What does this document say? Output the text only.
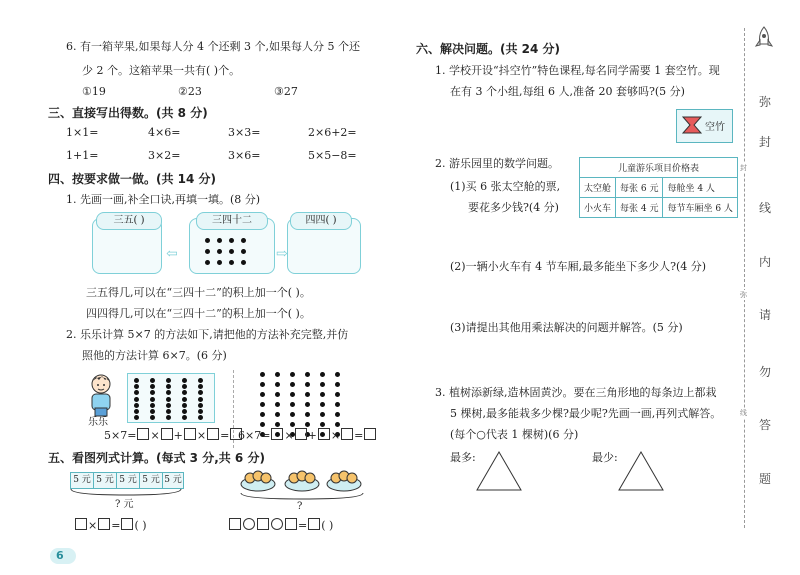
6. 有一箱苹果,如果每人分 4 个还剩 3 个,如果每人分 5 个还
少 2 个。这箱苹果一共有( )个。
①19	②23	③27
三、直接写出得数。(共 8 分)
1×1=	4×6=	3×3=	2×6+2=
1+1=	3×2=	3×6=	5×5−8=
四、按要求做一做。(共 14 分)
1. 先画一画,补全口诀,再填一填。(8 分)
三五( )	三四十二	四四( )
⇦	⇨
三五得几,可以在“三四十二”的积上加一个( )。
四四得几,可以在“三四十二”的积上加一个( )。
2. 乐乐计算 5×7 的方法如下,请把他的方法补充完整,并仿
照他的方法计算 6×7。(6 分)
乐乐
5×7= × + × = 6×7= × + × =
五、看图列式计算。(每式 3 分,共 6 分)
5 元 5 元 5 元 5 元 5 元
? 元
× = ( )
?
= ( )
6
六、解决问题。(共 24 分)
1. 学校开设“抖空竹”特色课程,每名同学需要 1 套空竹。现
在有 3 个小组,每组 6 人,准备 20 套够吗?(5 分)
空竹
2. 游乐园里的数学问题。
(1)买 6 张太空舱的票,
要花多少钱?(4 分)
儿童游乐项目价格表		
太空舱	每张 6 元	每舱坐 4 人
小火车	每张 4 元	每节车厢坐 6 人
(2)一辆小火车有 4 节车厢,最多能坐下多少人?(4 分)
(3)请提出其他用乘法解决的问题并解答。(5 分)
3. 植树添新绿,造林固黄沙。要在三角形地的每条边上都栽
5 棵树,最多能栽多少棵?最少呢?先画一画,再列式解答。
(每个○代表 1 棵树)(6 分)
最多:	最少:
弥
封
线
内
请
勿
答
题
封
弥
线
